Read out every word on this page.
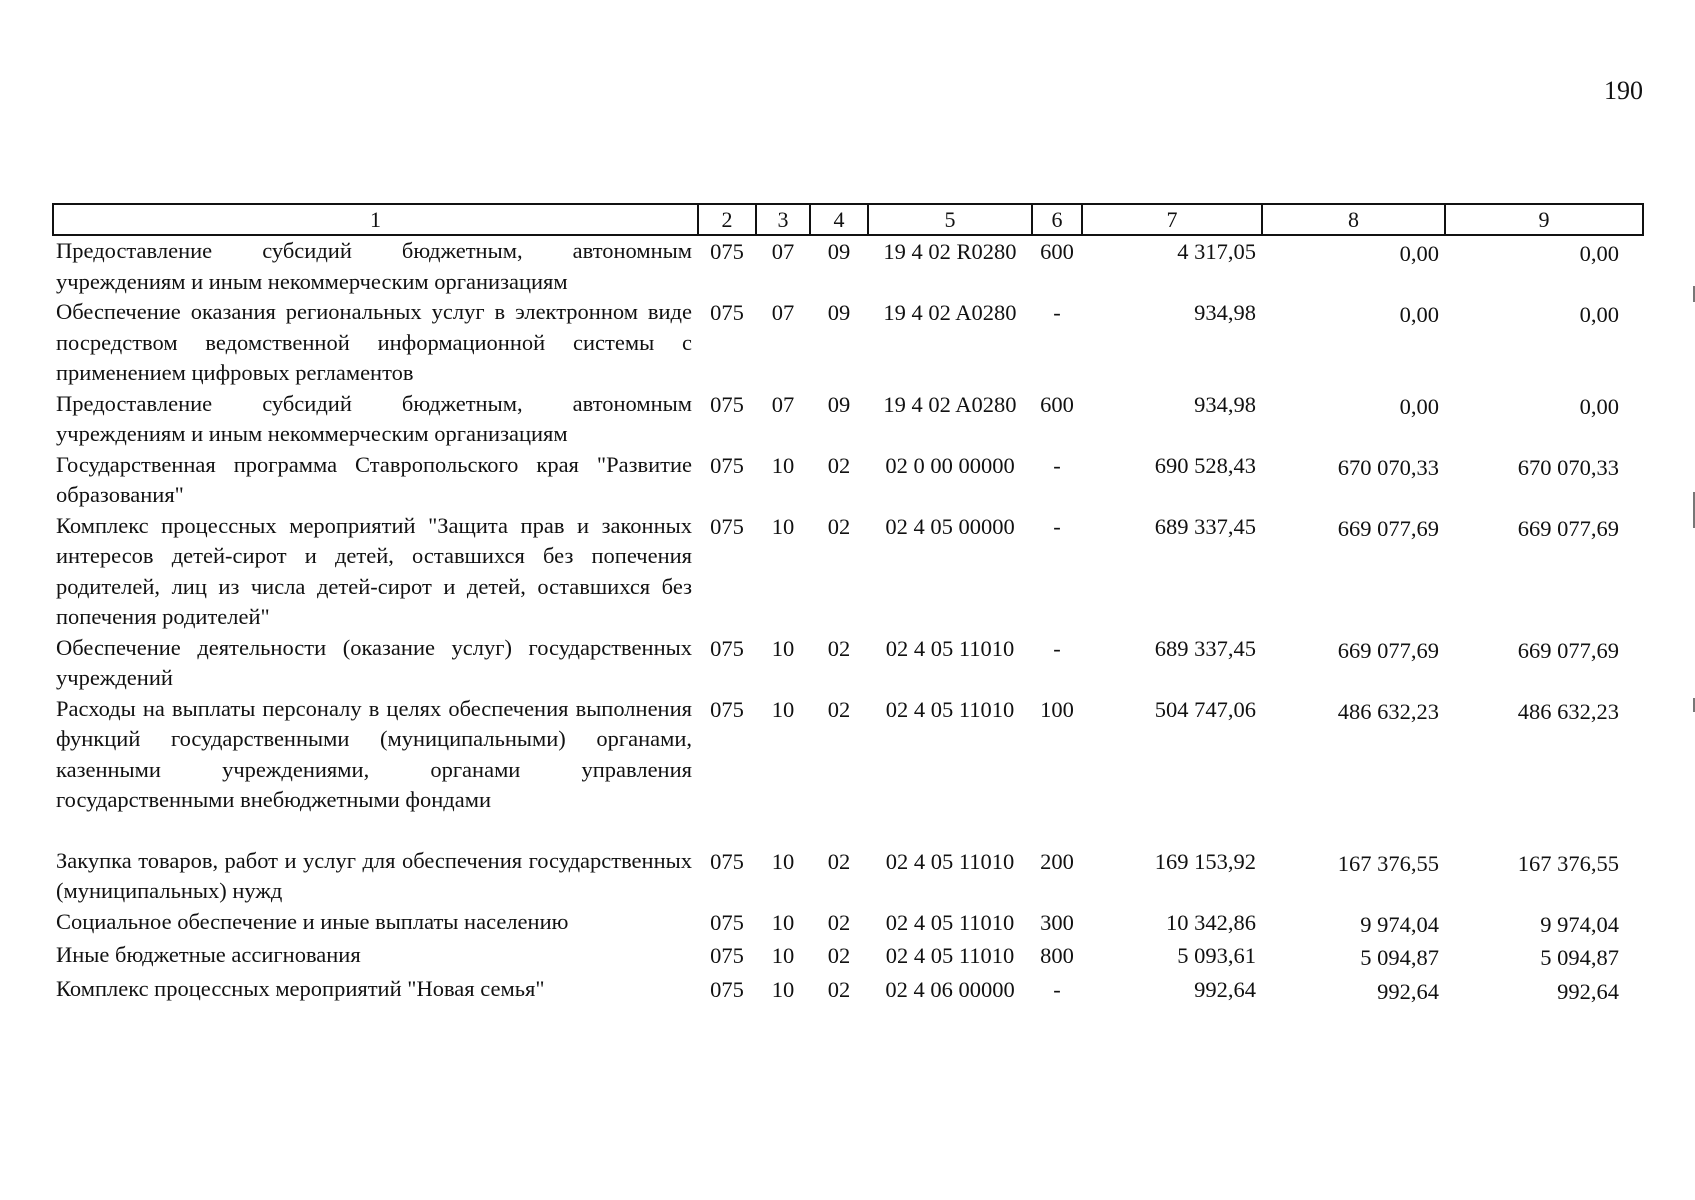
190
1	2	3	4	5	6	7	8	9
Предоставление субсидий бюджетным, автономным учреждениям и иным некоммерческим организациям	075	07	09	19 4 02 R0280	600	4 317,05	0,00	0,00
Обеспечение оказания региональных услуг в электронном виде посредством ведомственной информационной системы с применением цифровых регламентов	075	07	09	19 4 02 A0280	-	934,98	0,00	0,00
Предоставление субсидий бюджетным, автономным учреждениям и иным некоммерческим организациям	075	07	09	19 4 02 A0280	600	934,98	0,00	0,00
Государственная программа Ставропольского края "Развитие образования"	075	10	02	02 0 00 00000	-	690 528,43	670 070,33	670 070,33
Комплекс процессных мероприятий "Защита прав и законных интересов детей-сирот и детей, оставшихся без попечения родителей, лиц из числа детей-сирот и детей, оставшихся без попечения родителей"	075	10	02	02 4 05 00000	-	689 337,45	669 077,69	669 077,69
Обеспечение деятельности (оказание услуг) государственных учреждений	075	10	02	02 4 05 11010	-	689 337,45	669 077,69	669 077,69
Расходы на выплаты персоналу в целях обеспечения выполнения функций государственными (муниципальными) органами, казенными учреждениями, органами управления государственными внебюджетными фондами	075	10	02	02 4 05 11010	100	504 747,06	486 632,23	486 632,23
Закупка товаров, работ и услуг для обеспечения государственных (муниципальных) нужд	075	10	02	02 4 05 11010	200	169 153,92	167 376,55	167 376,55
Социальное обеспечение и иные выплаты населению	075	10	02	02 4 05 11010	300	10 342,86	9 974,04	9 974,04
Иные бюджетные ассигнования	075	10	02	02 4 05 11010	800	5 093,61	5 094,87	5 094,87
Комплекс процессных мероприятий "Новая семья"	075	10	02	02 4 06 00000	-	992,64	992,64	992,64
